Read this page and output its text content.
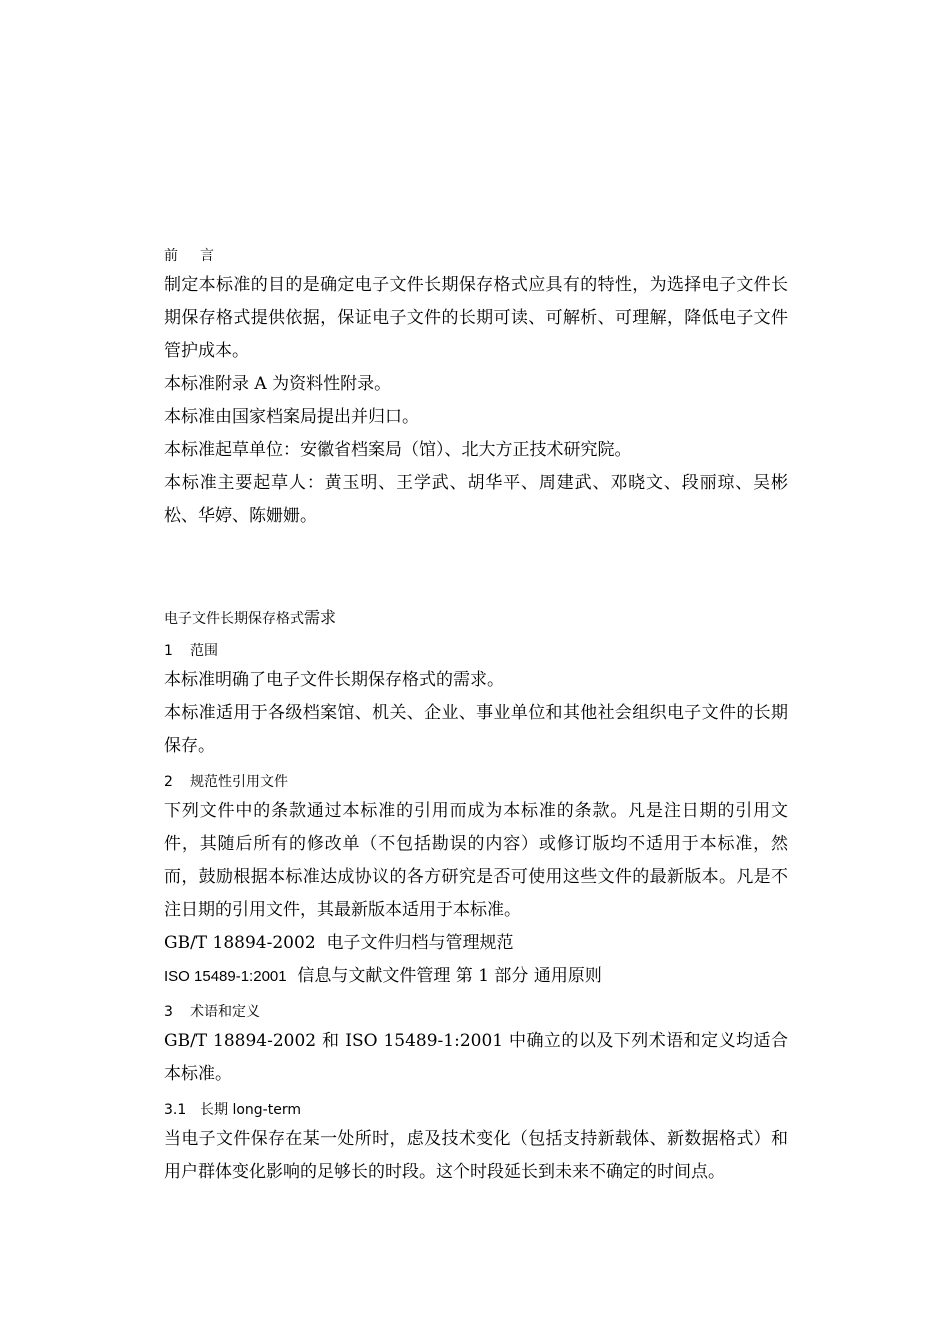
前言

制定本标准的目的是确定电子文件长期保存格式应具有的特性，为选择电子文件长期保存格式提供依据，保证电子文件的长期可读、可解析、可理解，降低电子文件管护成本。

本标准附录 A 为资料性附录。

本标准由国家档案局提出并归口。

本标准起草单位：安徽省档案局（馆）、北大方正技术研究院。

本标准主要起草人：黄玉明、王学武、胡华平、周建武、邓晓文、段丽琼、吴彬松、华婷、陈姗姗。

电子文件长期保存格式需求
1 范围

本标准明确了电子文件长期保存格式的需求。

本标准适用于各级档案馆、机关、企业、事业单位和其他社会组织电子文件的长期保存。

2 规范性引用文件

下列文件中的条款通过本标准的引用而成为本标准的条款。凡是注日期的引用文件，其随后所有的修改单（不包括勘误的内容）或修订版均不适用于本标准，然而，鼓励根据本标准达成协议的各方研究是否可使用这些文件的最新版本。凡是不注日期的引用文件，其最新版本适用于本标准。

GB/T 18894-2002 电子文件归档与管理规范

ISO 15489-1:2001 信息与文献文件管理 第 1 部分 通用原则

3 术语和定义

GB/T 18894-2002 和 ISO 15489-1:2001 中确立的以及下列术语和定义均适合本标准。

3.1 长期 long-term

当电子文件保存在某一处所时，虑及技术变化（包括支持新载体、新数据格式）和用户群体变化影响的足够长的时段。这个时段延长到未来不确定的时间点。
